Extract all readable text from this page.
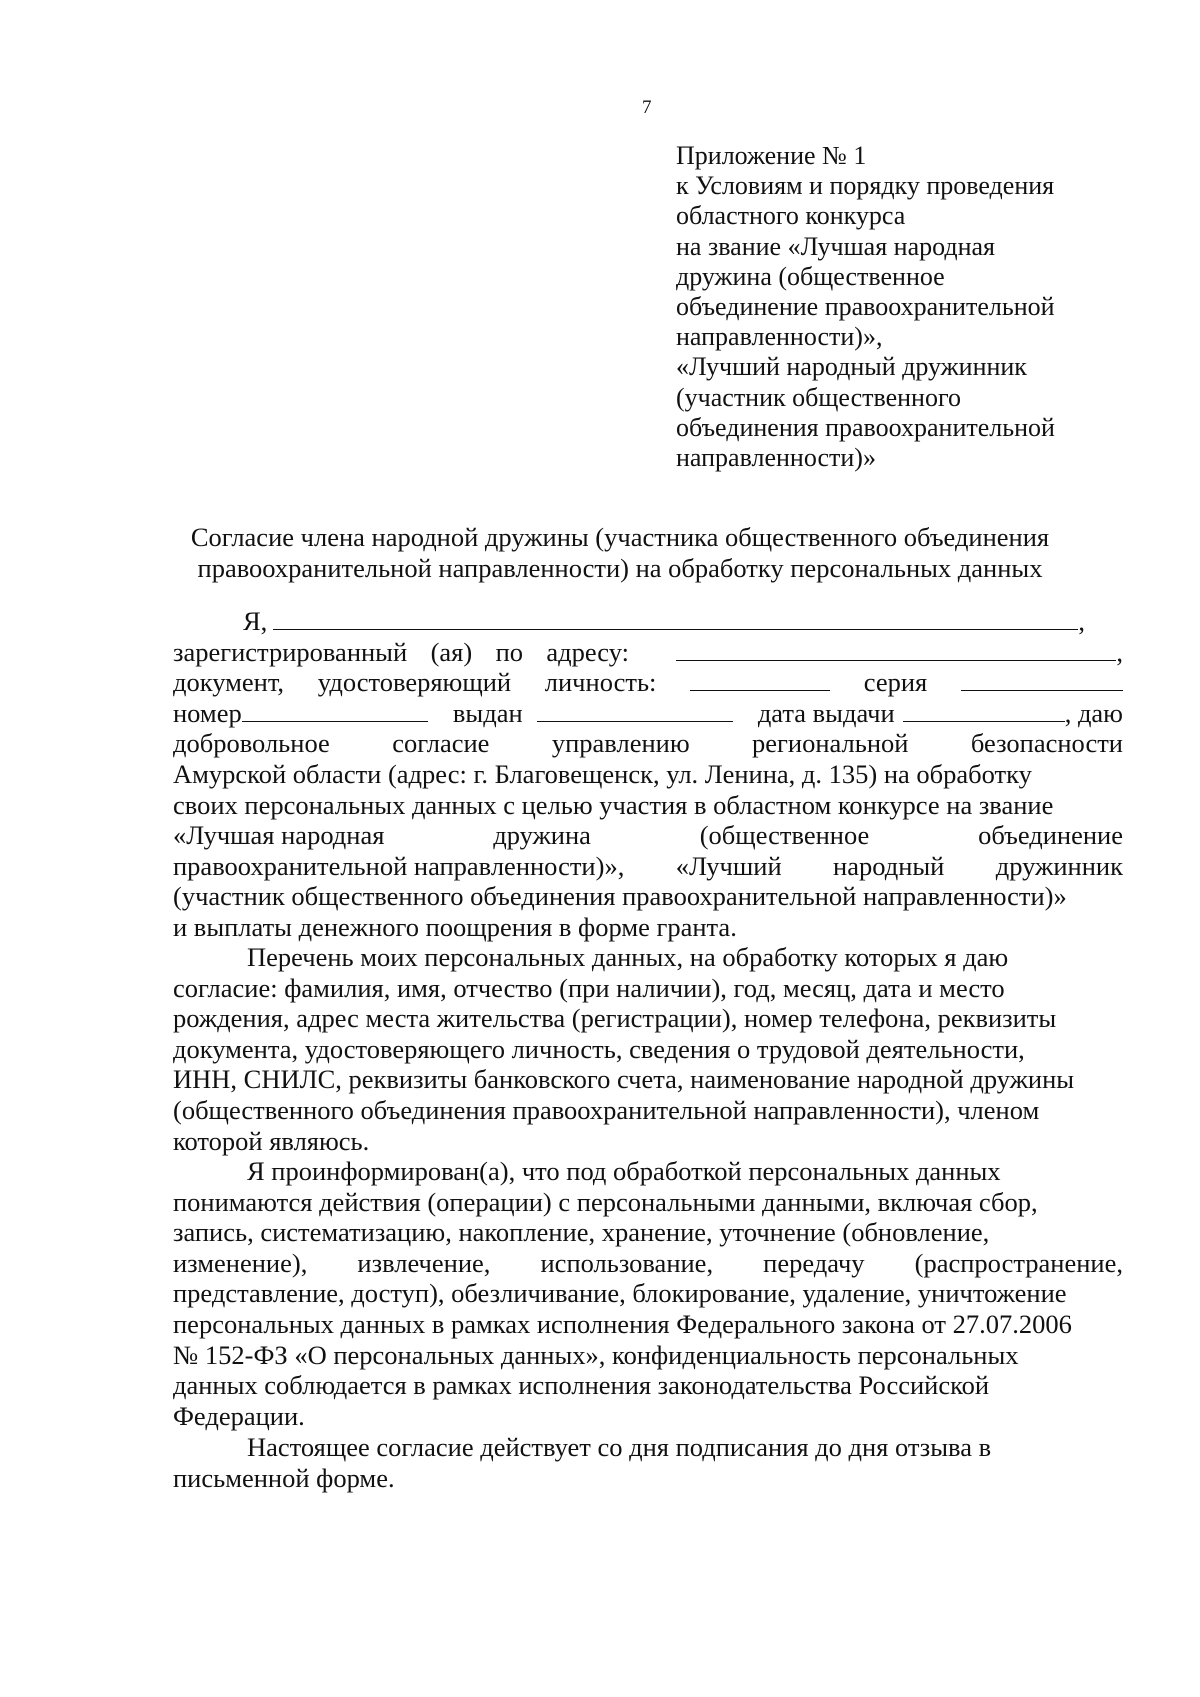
7
Приложение № 1
к Условиям и порядку проведения
областного конкурса
на звание «Лучшая народная
дружина (общественное
объединение правоохранительной
направленности)»,
«Лучший народный дружинник
(участник общественного
объединения правоохранительной
направленности)»
Согласие члена народной дружины (участника общественного объединения
правоохранительной направленности) на обработку персональных данных
Я,	,
зарегистрированный (ая) по адресу:	,
документ, удостоверяющий личность:	серия
номер	выдан	дата выдачи	, даю
добровольное согласие управлению региональной безопасности
Амурской области (адрес: г. Благовещенск, ул. Ленина, д. 135) на обработку
своих персональных данных с целью участия в областном конкурсе на звание
«Лучшая народная	дружина	(общественное	объединение
правоохранительной направленности)», «Лучший народный дружинник
(участник общественного объединения правоохранительной направленности)»
и выплаты денежного поощрения в форме гранта.
Перечень моих персональных данных, на обработку которых я даю
согласие: фамилия, имя, отчество (при наличии), год, месяц, дата и место
рождения, адрес места жительства (регистрации), номер телефона, реквизиты
документа, удостоверяющего личность, сведения о трудовой деятельности,
ИНН, СНИЛС, реквизиты банковского счета, наименование народной дружины
(общественного объединения правоохранительной направленности), членом
которой являюсь.
Я проинформирован(а), что под обработкой персональных данных
понимаются действия (операции) с персональными данными, включая сбор,
запись, систематизацию, накопление, хранение, уточнение (обновление,
изменение), извлечение, использование, передачу (распространение,
представление, доступ), обезличивание, блокирование, удаление, уничтожение
персональных данных в рамках исполнения Федерального закона от 27.07.2006
№ 152-ФЗ «О персональных данных», конфиденциальность персональных
данных соблюдается в рамках исполнения законодательства Российской
Федерации.
Настоящее согласие действует со дня подписания до дня отзыва в
письменной форме.
